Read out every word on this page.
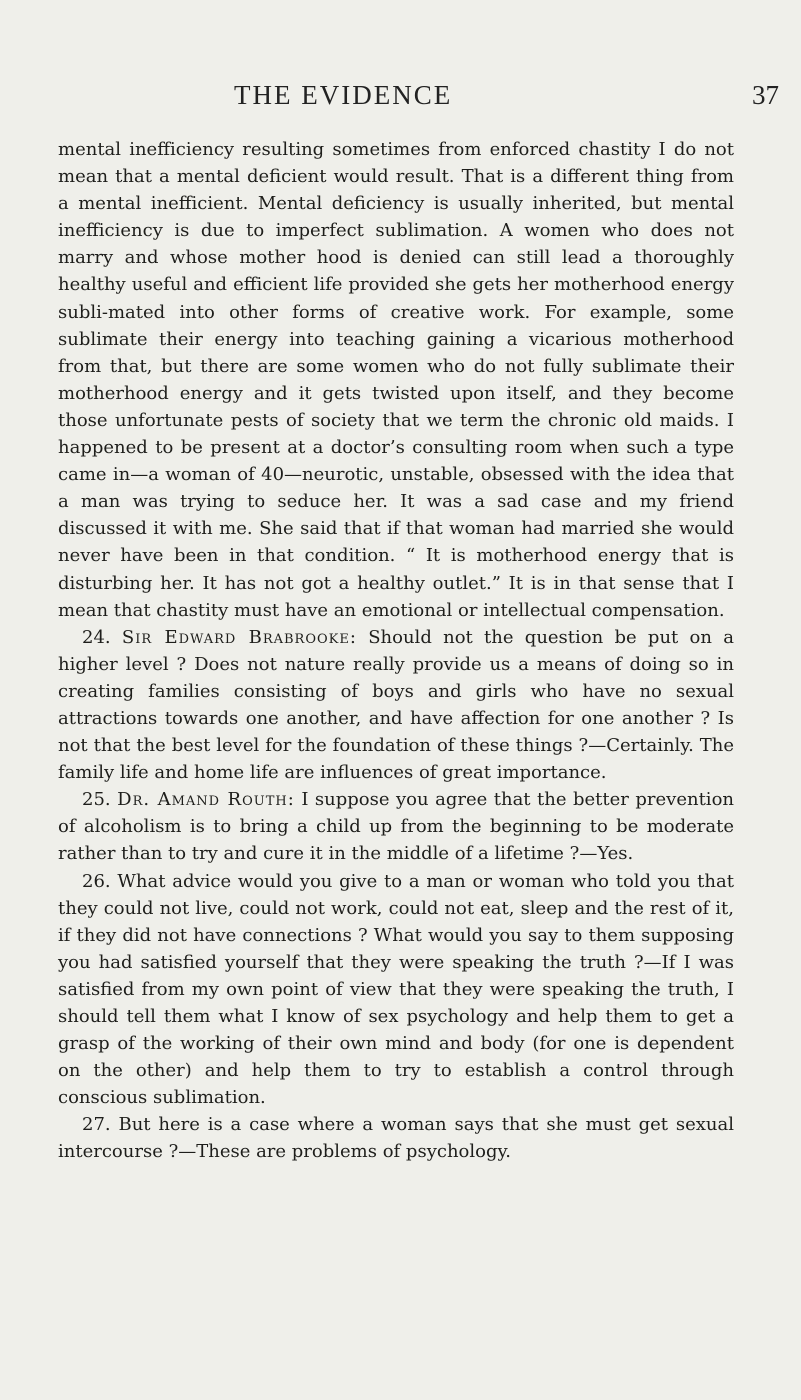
THE EVIDENCE	37

mental inefficiency resulting sometimes from enforced chastity I do not mean that a mental deficient would result. That is a different thing from a mental inefficient. Mental deficiency is usually inherited, but mental inefficiency is due to imperfect sublimation. A women who does not marry and whose mother hood is denied can still lead a thoroughly healthy useful and efficient life provided she gets her motherhood energy subli-mated into other forms of creative work. For example, some sublimate their energy into teaching gaining a vicarious motherhood from that, but there are some women who do not fully sublimate their motherhood energy and it gets twisted upon itself, and they become those unfortunate pests of society that we term the chronic old maids. I happened to be present at a doctor’s consulting room when such a type came in—a woman of 40—neurotic, unstable, obsessed with the idea that a man was trying to seduce her. It was a sad case and my friend discussed it with me. She said that if that woman had married she would never have been in that condition. “ It is motherhood energy that is disturbing her. It has not got a healthy outlet.” It is in that sense that I mean that chastity must have an emotional or intellectual compensation.

24. Sir Edward Brabrooke: Should not the question be put on a higher level ? Does not nature really provide us a means of doing so in creating families consisting of boys and girls who have no sexual attractions towards one another, and have affection for one another ? Is not that the best level for the foundation of these things ?—Certainly. The family life and home life are influences of great importance.

25. Dr. Amand Routh: I suppose you agree that the better prevention of alcoholism is to bring a child up from the beginning to be moderate rather than to try and cure it in the middle of a lifetime ?—Yes.

26. What advice would you give to a man or woman who told you that they could not live, could not work, could not eat, sleep and the rest of it, if they did not have connections ? What would you say to them supposing you had satisfied yourself that they were speaking the truth ?—If I was satisfied from my own point of view that they were speaking the truth, I should tell them what I know of sex psychology and help them to get a grasp of the working of their own mind and body (for one is dependent on the other) and help them to try to establish a control through conscious sublimation.

27. But here is a case where a woman says that she must get sexual intercourse ?—These are problems of psychology.
